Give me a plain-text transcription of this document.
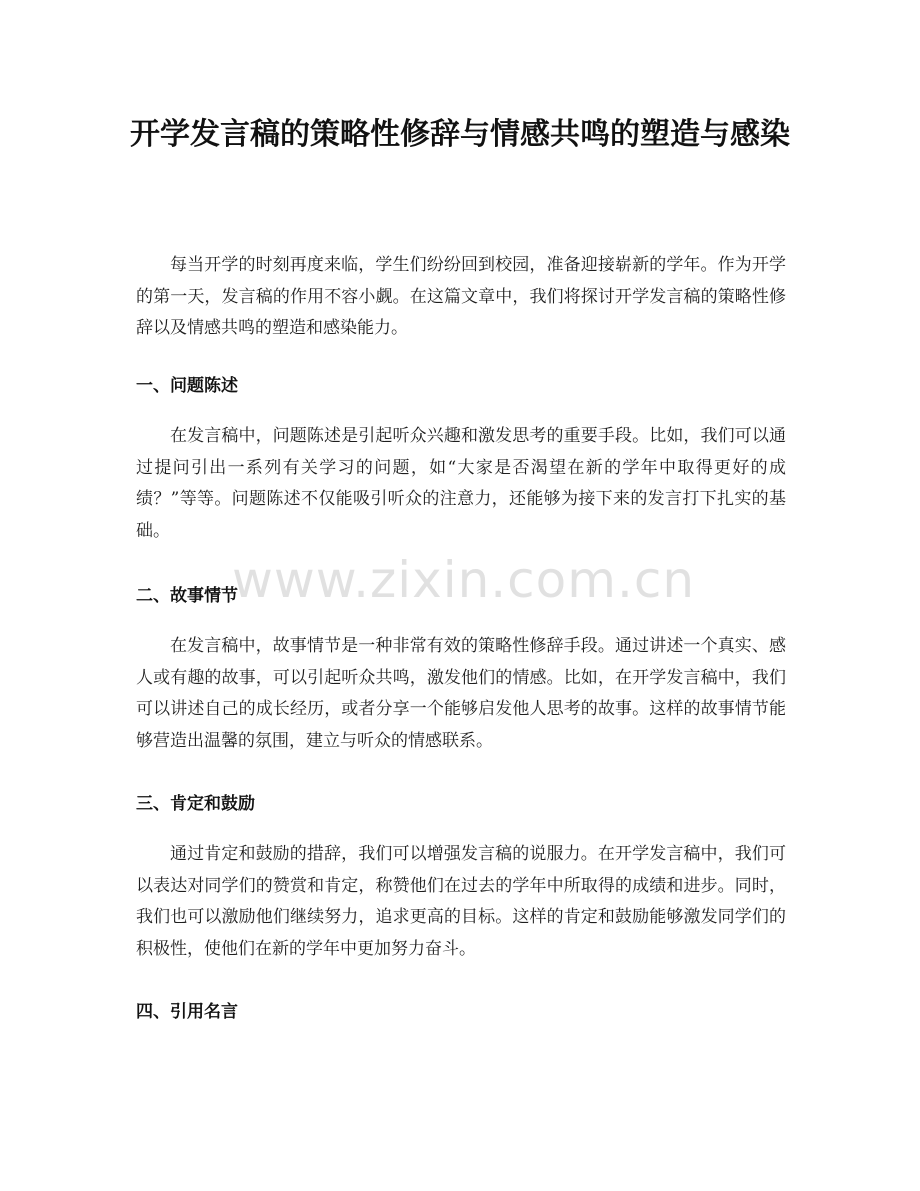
开学发言稿的策略性修辞与情感共鸣的塑造与感染

每当开学的时刻再度来临，学生们纷纷回到校园，准备迎接崭新的学年。作为开学的第一天，发言稿的作用不容小觑。在这篇文章中，我们将探讨开学发言稿的策略性修辞以及情感共鸣的塑造和感染能力。

一、问题陈述

在发言稿中，问题陈述是引起听众兴趣和激发思考的重要手段。比如，我们可以通过提问引出一系列有关学习的问题，如“大家是否渴望在新的学年中取得更好的成绩？”等等。问题陈述不仅能吸引听众的注意力，还能够为接下来的发言打下扎实的基础。

二、故事情节

在发言稿中，故事情节是一种非常有效的策略性修辞手段。通过讲述一个真实、感人或有趣的故事，可以引起听众共鸣，激发他们的情感。比如，在开学发言稿中，我们可以讲述自己的成长经历，或者分享一个能够启发他人思考的故事。这样的故事情节能够营造出温馨的氛围，建立与听众的情感联系。

三、肯定和鼓励

通过肯定和鼓励的措辞，我们可以增强发言稿的说服力。在开学发言稿中，我们可以表达对同学们的赞赏和肯定，称赞他们在过去的学年中所取得的成绩和进步。同时，我们也可以激励他们继续努力，追求更高的目标。这样的肯定和鼓励能够激发同学们的积极性，使他们在新的学年中更加努力奋斗。

四、引用名言
www.zixin.com.cn
